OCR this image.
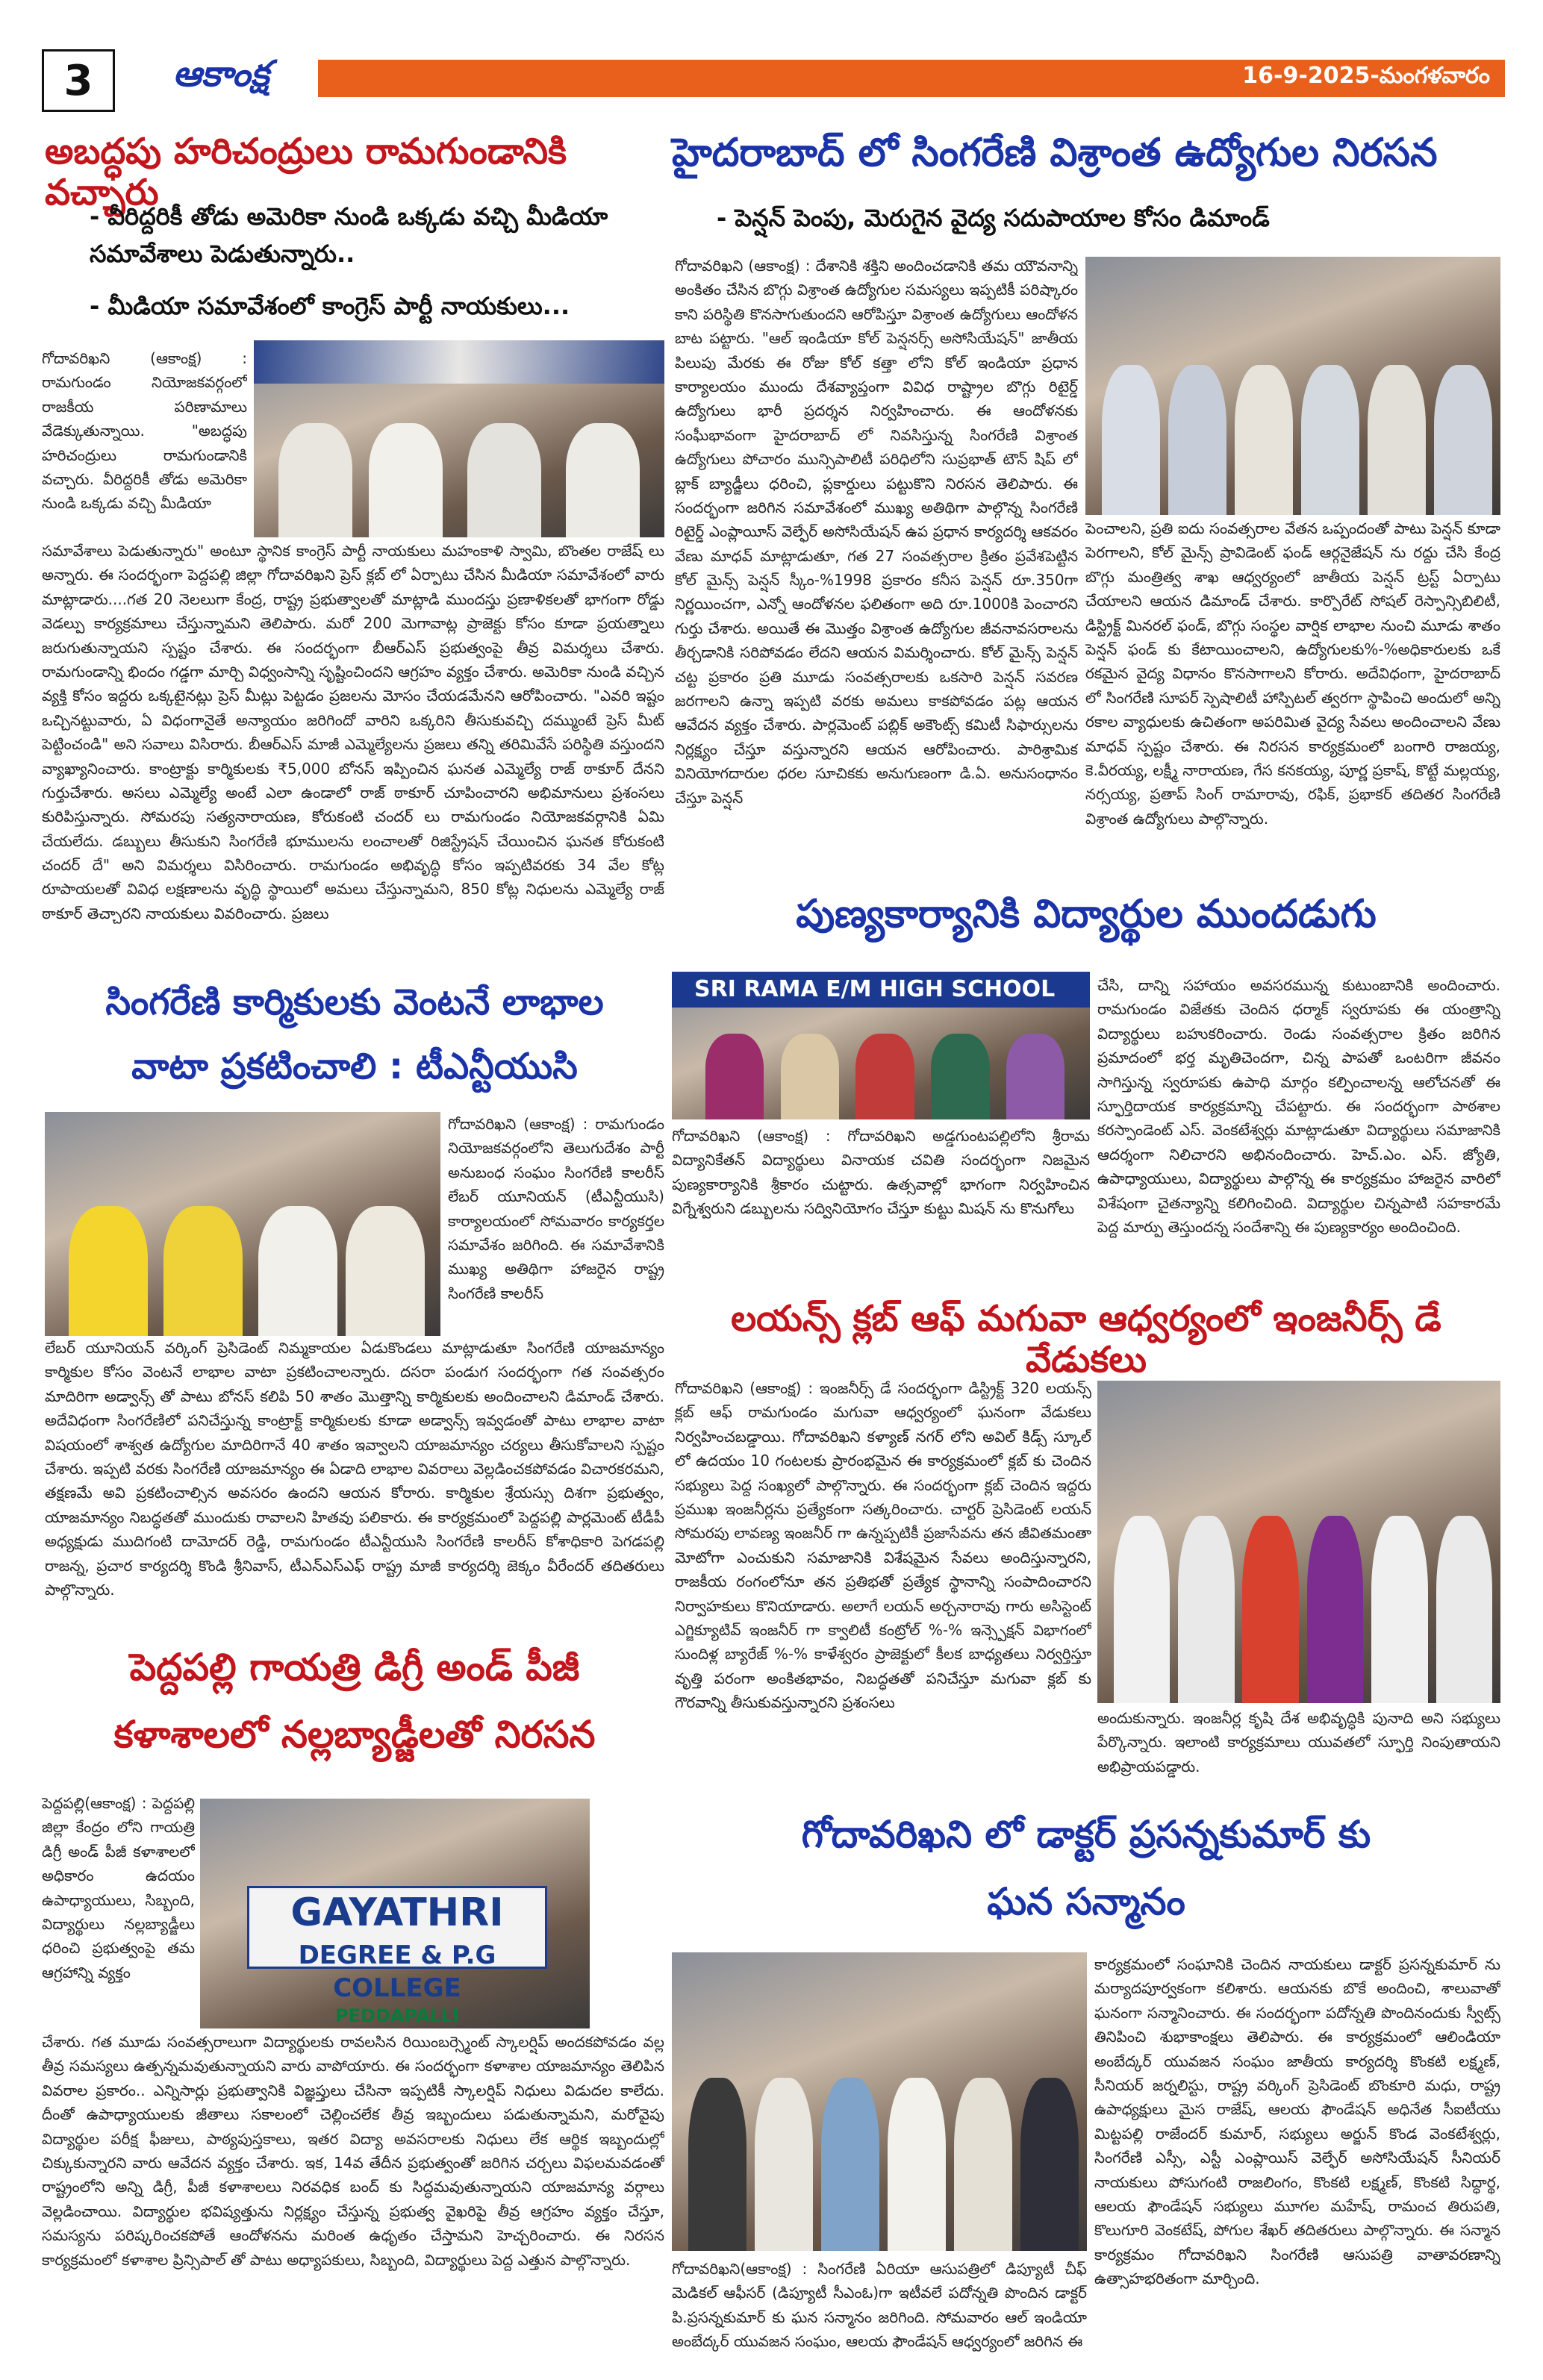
3	ఆకాంక్ష	16-9-2025-మంగళవారం
అబద్ధపు హరిచంద్రులు రామగుండానికి వచ్చారు
- వీరిద్దరికీ తోడు అమెరికా నుండి ఒక్కడు వచ్చి మీడియా సమావేశాలు పెడుతున్నారు..
- మీడియా సమావేశంలో కాంగ్రెస్ పార్టీ నాయకులు...
గోదావరిఖని (ఆకాంక్ష) : రామగుండం నియోజకవర్గంలో రాజకీయ పరిణామాలు వేడెక్కుతున్నాయి. "అబద్ధపు హరిచంద్రులు రామగుండానికి వచ్చారు. వీరిద్దరికీ తోడు అమెరికా నుండి ఒక్కడు వచ్చి మీడియా
సమావేశాలు పెడుతున్నారు" అంటూ స్థానిక కాంగ్రెస్ పార్టీ నాయకులు మహంకాళి స్వామి, బొంతల రాజేష్ లు అన్నారు. ఈ సందర్భంగా పెద్దపల్లి జిల్లా గోదావరిఖని ప్రెస్ క్లబ్ లో ఏర్పాటు చేసిన మీడియా సమావేశంలో వారు మాట్లాడారు....గత 20 నెలలుగా కేంద్ర, రాష్ట్ర ప్రభుత్వాలతో మాట్లాడి ముందస్తు ప్రణాళికలతో భాగంగా రోడ్డు వెడల్పు కార్యక్రమాలు చేస్తున్నామని తెలిపారు. మరో 200 మెగావాట్ల ప్రాజెక్టు కోసం కూడా ప్రయత్నాలు జరుగుతున్నాయని స్పష్టం చేశారు. ఈ సందర్భంగా బీఆర్ఎస్ ప్రభుత్వంపై తీవ్ర విమర్శలు చేశారు. రామగుండాన్ని భిందం గడ్డగా మార్చి విధ్వంసాన్ని సృష్టించిందని ఆగ్రహం వ్యక్తం చేశారు. అమెరికా నుండి వచ్చిన వ్యక్తి కోసం ఇద్దరు ఒక్కటైనట్లు ప్రెస్ మీట్లు పెట్టడం ప్రజలను మోసం చేయడమేనని ఆరోపించారు. "ఎవరి ఇష్టం ఒచ్చినట్టువారు, ఏ విధంగానైతే అన్యాయం జరిగిందో వారిని ఒక్కరిని తీసుకువచ్చి దమ్ముంటే ప్రెస్ మీట్ పెట్టించండి" అని సవాలు విసిరారు. బీఆర్ఎస్ మాజీ ఎమ్మెల్యేలను ప్రజలు తన్ని తరిమివేసే పరిస్థితి వస్తుందని వ్యాఖ్యానించారు. కాంట్రాక్టు కార్మికులకు ₹5,000 బోనస్ ఇప్పించిన ఘనత ఎమ్మెల్యే రాజ్ ఠాకూర్ దేనని గుర్తుచేశారు. అసలు ఎమ్మెల్యే అంటే ఎలా ఉండాలో రాజ్ ఠాకూర్ చూపించారని అభిమానులు ప్రశంసలు కురిపిస్తున్నారు. సోమరపు సత్యనారాయణ, కోరుకంటి చందర్ లు రామగుండం నియోజకవర్గానికి ఏమి చేయలేదు. డబ్బులు తీసుకుని సింగరేణి భూములను లంచాలతో రిజిస్ట్రేషన్ చేయించిన ఘనత కోరుకంటి చందర్ దే" అని విమర్శలు విసిరించారు. రామగుండం అభివృద్ధి కోసం ఇప్పటివరకు 34 వేల కోట్ల రూపాయలతో వివిధ లక్షణాలను వృద్ధి స్థాయిలో అమలు చేస్తున్నామని, 850 కోట్ల నిధులను ఎమ్మెల్యే రాజ్ ఠాకూర్ తెచ్చారని నాయకులు వివరించారు. ప్రజలు
సింగరేణి కార్మికులకు వెంటనే లాభాల
వాటా ప్రకటించాలి : టీఎన్టీయుసి
గోదావరిఖని (ఆకాంక్ష) : రామగుండం నియోజకవర్గంలోని తెలుగుదేశం పార్టీ అనుబంధ సంఘం సింగరేణి కాలరీస్ లేబర్ యూనియన్ (టీఎన్టీయుసి) కార్యాలయంలో సోమవారం కార్యకర్తల సమావేశం జరిగింది. ఈ సమావేశానికి ముఖ్య అతిథిగా హాజరైన రాష్ట్ర సింగరేణి కాలరీస్
లేబర్ యూనియన్ వర్కింగ్ ప్రెసిడెంట్ నిమ్మకాయల ఏడుకొండలు మాట్లాడుతూ సింగరేణి యాజమాన్యం కార్మికుల కోసం వెంటనే లాభాల వాటా ప్రకటించాలన్నారు. దసరా పండుగ సందర్భంగా గత సంవత్సరం మాదిరిగా అడ్వాన్స్ తో పాటు బోనస్ కలిపి 50 శాతం మొత్తాన్ని కార్మికులకు అందించాలని డిమాండ్ చేశారు. అదేవిధంగా సింగరేణిలో పనిచేస్తున్న కాంట్రాక్ట్ కార్మికులకు కూడా అడ్వాన్స్ ఇవ్వడంతో పాటు లాభాల వాటా విషయంలో శాశ్వత ఉద్యోగుల మాదిరిగానే 40 శాతం ఇవ్వాలని యాజమాన్యం చర్యలు తీసుకోవాలని స్పష్టం చేశారు. ఇప్పటి వరకు సింగరేణి యాజమాన్యం ఈ ఏడాది లాభాల వివరాలు వెల్లడించకపోవడం విచారకరమని, తక్షణమే అవి ప్రకటించాల్సిన అవసరం ఉందని ఆయన కోరారు. కార్మికుల శ్రేయస్సు దిశగా ప్రభుత్వం, యాజమాన్యం నిబద్ధతతో ముందుకు రావాలని హితవు పలికారు. ఈ కార్యక్రమంలో పెద్దపల్లి పార్లమెంట్ టీడీపీ అధ్యక్షుడు ముదిగంటి దామోదర్ రెడ్డి, రామగుండం టీఎన్టీయుసి సింగరేణి కాలరీస్ కోశాధికారి పెగడపల్లి రాజన్న, ప్రచార కార్యదర్శి కొండి శ్రీనివాస్, టీఎన్ఎస్ఎఫ్ రాష్ట్ర మాజీ కార్యదర్శి జెక్కం వీరేందర్ తదితరులు పాల్గొన్నారు.
పెద్దపల్లి గాయత్రి డిగ్రీ అండ్ పీజీ
కళాశాలలో నల్లబ్యాడ్జీలతో నిరసన
పెద్దపల్లి(ఆకాంక్ష) : పెద్దపల్లి జిల్లా కేంద్రం లోని గాయత్రి డిగ్రీ అండ్ పీజీ కళాశాలలో అధికారం ఉదయం ఉపాధ్యాయులు, సిబ్బంది, విద్యార్థులు నల్లబ్యాడ్జీలు ధరించి ప్రభుత్వంపై తమ ఆగ్రహాన్ని వ్యక్తం
GAYATHRI
DEGREE & P.G COLLEGE
PEDDAPALLI
చేశారు. గత మూడు సంవత్సరాలుగా విద్యార్థులకు రావలసిన రియింబర్స్మెంట్ స్కాలర్షిప్ అందకపోవడం వల్ల తీవ్ర సమస్యలు ఉత్పన్నమవుతున్నాయని వారు వాపోయారు. ఈ సందర్భంగా కళాశాల యాజమాన్యం తెలిపిన వివరాల ప్రకారం.. ఎన్నిసార్లు ప్రభుత్వానికి విజ్ఞప్తులు చేసినా ఇప్పటికీ స్కాలర్షిప్ నిధులు విడుదల కాలేదు. దీంతో ఉపాధ్యాయులకు జీతాలు సకాలంలో చెల్లించలేక తీవ్ర ఇబ్బందులు పడుతున్నామని, మరోవైపు విద్యార్థుల పరీక్ష ఫీజులు, పాఠ్యపుస్తకాలు, ఇతర విద్యా అవసరాలకు నిధులు లేక ఆర్థిక ఇబ్బందుల్లో చిక్కుకున్నారని వారు ఆవేదన వ్యక్తం చేశారు. ఇక, 14వ తేదీన ప్రభుత్వంతో జరిగిన చర్చలు విఫలమవడంతో రాష్ట్రంలోని అన్ని డిగ్రీ, పీజీ కళాశాలలు నిరవధిక బంద్ కు సిద్ధమవుతున్నాయని యాజమాన్య వర్గాలు వెల్లడించాయి. విద్యార్థుల భవిష్యత్తును నిర్లక్ష్యం చేస్తున్న ప్రభుత్వ వైఖరిపై తీవ్ర ఆగ్రహం వ్యక్తం చేస్తూ, సమస్యను పరిష్కరించకపోతే ఆందోళనను మరింత ఉధృతం చేస్తామని హెచ్చరించారు. ఈ నిరసన కార్యక్రమంలో కళాశాల ప్రిన్సిపాల్ తో పాటు అధ్యాపకులు, సిబ్బంది, విద్యార్థులు పెద్ద ఎత్తున పాల్గొన్నారు.
హైదరాబాద్ లో సింగరేణి విశ్రాంత ఉద్యోగుల నిరసన
- పెన్షన్ పెంపు, మెరుగైన వైద్య సదుపాయాల కోసం డిమాండ్
గోదావరిఖని (ఆకాంక్ష) : దేశానికి శక్తిని అందించడానికి తమ యౌవనాన్ని అంకితం చేసిన బొగ్గు విశ్రాంత ఉద్యోగుల సమస్యలు ఇప్పటికీ పరిష్కారం కాని పరిస్థితి కొనసాగుతుందని ఆరోపిస్తూ విశ్రాంత ఉద్యోగులు ఆందోళన బాట పట్టారు. "ఆల్ ఇండియా కోల్ పెన్షనర్స్ అసోసియేషన్" జాతీయ పిలుపు మేరకు ఈ రోజు కోల్ కత్తా లోని కోల్ ఇండియా ప్రధాన కార్యాలయం ముందు దేశవ్యాప్తంగా వివిధ రాష్ట్రాల బొగ్గు రిటైర్డ్ ఉద్యోగులు భారీ ప్రదర్శన నిర్వహించారు. ఈ ఆందోళనకు సంఘీభావంగా హైదరాబాద్ లో నివసిస్తున్న సింగరేణి విశ్రాంత ఉద్యోగులు పోచారం మున్సిపాలిటీ పరిధిలోని సుప్రభాత్ టౌన్ షిప్ లో బ్లాక్ బ్యాడ్జీలు ధరించి, ప్లకార్డులు పట్టుకొని నిరసన తెలిపారు. ఈ సందర్భంగా జరిగిన సమావేశంలో ముఖ్య అతిథిగా పాల్గొన్న సింగరేణి రిటైర్డ్ ఎంప్లాయీస్ వెల్ఫేర్ అసోసియేషన్ ఉప ప్రధాన కార్యదర్శి ఆకవరం వేణు మాధవ్ మాట్లాడుతూ, గత 27 సంవత్సరాల క్రితం ప్రవేశపెట్టిన కోల్ మైన్స్ పెన్షన్ స్కీం-%1998 ప్రకారం కనీస పెన్షన్ రూ.350గా నిర్ణయించగా, ఎన్నో ఆందోళనల ఫలితంగా అది రూ.1000కి పెంచారని గుర్తు చేశారు. అయితే ఈ మొత్తం విశ్రాంత ఉద్యోగుల జీవనావసరాలను తీర్చడానికి సరిపోవడం లేదని ఆయన విమర్శించారు. కోల్ మైన్స్ పెన్షన్ చట్ట ప్రకారం ప్రతి మూడు సంవత్సరాలకు ఒకసారి పెన్షన్ సవరణ జరగాలని ఉన్నా ఇప్పటి వరకు అమలు కాకపోవడం పట్ల ఆయన ఆవేదన వ్యక్తం చేశారు. పార్లమెంట్ పబ్లిక్ అకౌంట్స్ కమిటీ సిఫార్సులను నిర్లక్ష్యం చేస్తూ వస్తున్నారని ఆయన ఆరోపించారు. పారిశ్రామిక వినియోగదారుల ధరల సూచికకు అనుగుణంగా డి.ఏ. అనుసంధానం చేస్తూ పెన్షన్
పెంచాలని, ప్రతి ఐదు సంవత్సరాల వేతన ఒప్పందంతో పాటు పెన్షన్ కూడా పెరగాలని, కోల్ మైన్స్ ప్రావిడెంట్ ఫండ్ ఆర్గనైజేషన్ ను రద్దు చేసి కేంద్ర బొగ్గు మంత్రిత్వ శాఖ ఆధ్వర్యంలో జాతీయ పెన్షన్ ట్రస్ట్ ఏర్పాటు చేయాలని ఆయన డిమాండ్ చేశారు. కార్పొరేట్ సోషల్ రెస్పాన్సిబిలిటీ, డిస్ట్రిక్ట్ మినరల్ ఫండ్, బొగ్గు సంస్థల వార్షిక లాభాల నుంచి మూడు శాతం పెన్షన్ ఫండ్ కు కేటాయించాలని, ఉద్యోగులకు%-%అధికారులకు ఒకే రకమైన వైద్య విధానం కొనసాగాలని కోరారు. అదేవిధంగా, హైదరాబాద్ లో సింగరేణి సూపర్ స్పెషాలిటీ హాస్పిటల్ త్వరగా స్థాపించి అందులో అన్ని రకాల వ్యాధులకు ఉచితంగా అపరిమిత వైద్య సేవలు అందించాలని వేణు మాధవ్ స్పష్టం చేశారు. ఈ నిరసన కార్యక్రమంలో బంగారి రాజయ్య, కె.వీరయ్య, లక్ష్మీ నారాయణ, గేస కనకయ్య, పూర్ణ ప్రకాష్, కొట్టే మల్లయ్య, నర్సయ్య, ప్రతాప్ సింగ్ రామారావు, రఫిక్, ప్రభాకర్ తదితర సింగరేణి విశ్రాంత ఉద్యోగులు పాల్గొన్నారు.
పుణ్యకార్యానికి విద్యార్థుల ముందడుగు
SRI RAMA E/M HIGH SCHOOL	చేసి, దాన్ని సహాయం అవసరమున్న కుటుంబానికి అందించారు. రామగుండం విజేతకు చెందిన ధర్మాక్ స్వరూపకు ఈ యంత్రాన్ని విద్యార్థులు బహుకరించారు. రెండు సంవత్సరాల క్రితం జరిగిన ప్రమాదంలో భర్త మృతిచెందగా, చిన్న పాపతో ఒంటరిగా జీవనం సాగిస్తున్న స్వరూపకు ఉపాధి మార్గం కల్పించాలన్న ఆలోచనతో ఈ స్ఫూర్తిదాయక కార్యక్రమాన్ని చేపట్టారు. ఈ సందర్భంగా పాఠశాల కరస్పాండెంట్ ఎస్. వెంకటేశ్వర్లు మాట్లాడుతూ విద్యార్థులు సమాజానికి ఆదర్శంగా నిలిచారని అభినందించారు. హెచ్.ఎం. ఎస్. జ్యోతి, ఉపాధ్యాయులు, విద్యార్థులు పాల్గొన్న ఈ కార్యక్రమం హాజరైన వారిలో విశేషంగా చైతన్యాన్ని కలిగించింది. విద్యార్థుల చిన్నపాటి సహకారమే పెద్ద మార్పు తెస్తుందన్న సందేశాన్ని ఈ పుణ్యకార్యం అందించింది.
గోదావరిఖని (ఆకాంక్ష) : గోదావరిఖని అడ్డగుంటపల్లిలోని శ్రీరామ విద్యానికేతన్ విద్యార్థులు వినాయక చవితి సందర్భంగా నిజమైన పుణ్యకార్యానికి శ్రీకారం చుట్టారు. ఉత్సవాల్లో భాగంగా నిర్వహించిన విగ్నేశ్వరుని డబ్బులను సద్వినియోగం చేస్తూ కుట్టు మిషన్ ను కొనుగోలు
లయన్స్ క్లబ్ ఆఫ్ మగువా ఆధ్వర్యంలో ఇంజనీర్స్ డే వేడుకలు
గోదావరిఖని (ఆకాంక్ష) : ఇంజనీర్స్ డే సందర్భంగా డిస్ట్రిక్ట్ 320 లయన్స్ క్లబ్ ఆఫ్ రామగుండం మగువా ఆధ్వర్యంలో ఘనంగా వేడుకలు నిర్వహించబడ్డాయి. గోదావరిఖని కళ్యాణ్ నగర్ లోని అవిల్ కిడ్స్ స్కూల్ లో ఉదయం 10 గంటలకు ప్రారంభమైన ఈ కార్యక్రమంలో క్లబ్ కు చెందిన సభ్యులు పెద్ద సంఖ్యలో పాల్గొన్నారు. ఈ సందర్భంగా క్లబ్ చెందిన ఇద్దరు ప్రముఖ ఇంజనీర్లను ప్రత్యేకంగా సత్కరించారు. చార్టర్ ప్రెసిడెంట్ లయన్ సోమరపు లావణ్య ఇంజనీర్ గా ఉన్నప్పటికీ ప్రజాసేవను తన జీవితమంతా మోటోగా ఎంచుకుని సమాజానికి విశేషమైన సేవలు అందిస్తున్నారని, రాజకీయ రంగంలోనూ తన ప్రతిభతో ప్రత్యేక స్థానాన్ని సంపాదించారని నిర్వాహకులు కొనియాడారు. అలాగే లయన్ అర్చనారావు గారు అసిస్టెంట్ ఎగ్జిక్యూటివ్ ఇంజనీర్ గా క్వాలిటీ కంట్రోల్ %-% ఇన్స్పెక్షన్ విభాగంలో సుందిళ్ల బ్యారేజ్ %-% కాళేశ్వరం ప్రాజెక్టులో కీలక బాధ్యతలు నిర్వర్తిస్తూ వృత్తి పరంగా అంకితభావం, నిబద్ధతతో పనిచేస్తూ మగువా క్లబ్ కు గౌరవాన్ని తీసుకువస్తున్నారని ప్రశంసలు
అందుకున్నారు. ఇంజనీర్ల కృషి దేశ అభివృద్ధికి పునాది అని సభ్యులు పేర్కొన్నారు. ఇలాంటి కార్యక్రమాలు యువతలో స్ఫూర్తి నింపుతాయని అభిప్రాయపడ్డారు.
గోదావరిఖని లో డాక్టర్ ప్రసన్నకుమార్ కు
ఘన సన్మానం
గోదావరిఖని(ఆకాంక్ష) : సింగరేణి ఏరియా ఆసుపత్రిలో డిప్యూటీ చీఫ్ మెడికల్ ఆఫీసర్ (డిప్యూటీ సీఎంఓ)గా ఇటీవలే పదోన్నతి పొందిన డాక్టర్ పి.ప్రసన్నకుమార్ కు ఘన సన్మానం జరిగింది. సోమవారం ఆల్ ఇండియా అంబేద్కర్ యువజన సంఘం, ఆలయ ఫౌండేషన్ ఆధ్వర్యంలో జరిగిన ఈ
కార్యక్రమంలో సంఘానికి చెందిన నాయకులు డాక్టర్ ప్రసన్నకుమార్ ను మర్యాదపూర్వకంగా కలిశారు. ఆయనకు బొకే అందించి, శాలువాతో ఘనంగా సన్మానించారు. ఈ సందర్భంగా పదోన్నతి పొందినందుకు స్వీట్స్ తినిపించి శుభాకాంక్షలు తెలిపారు. ఈ కార్యక్రమంలో ఆలిండియా అంబేద్కర్ యువజన సంఘం జాతీయ కార్యదర్శి కొంకటి లక్ష్మణ్, సీనియర్ జర్నలిస్టు, రాష్ట్ర వర్కింగ్ ప్రెసిడెంట్ బొంకూరి మధు, రాష్ట్ర ఉపాధ్యక్షులు మైస రాజేష్, ఆలయ ఫౌండేషన్ అధినేత సీఐటీయు మిట్టపల్లి రాజేందర్ కుమార్, సభ్యులు అర్జున్ కొండ వెంకటేశ్వర్లు, సింగరేణి ఎస్సీ, ఎస్టీ ఎంప్లాయిస్ వెల్ఫేర్ అసోసియేషన్ సీనియర్ నాయకులు పోసుగంటి రాజలింగం, కొంకటి లక్ష్మణ్, కొంకటి సిద్ధార్థ, ఆలయ ఫౌండేషన్ సభ్యులు మూగల మహేష్, రామంచ తిరుపతి, కొలుగూరి వెంకటేష్, పోగుల శేఖర్ తదితరులు పాల్గొన్నారు. ఈ సన్మాన కార్యక్రమం గోదావరిఖని సింగరేణి ఆసుపత్రి వాతావరణాన్ని ఉత్సాహభరితంగా మార్చింది.
